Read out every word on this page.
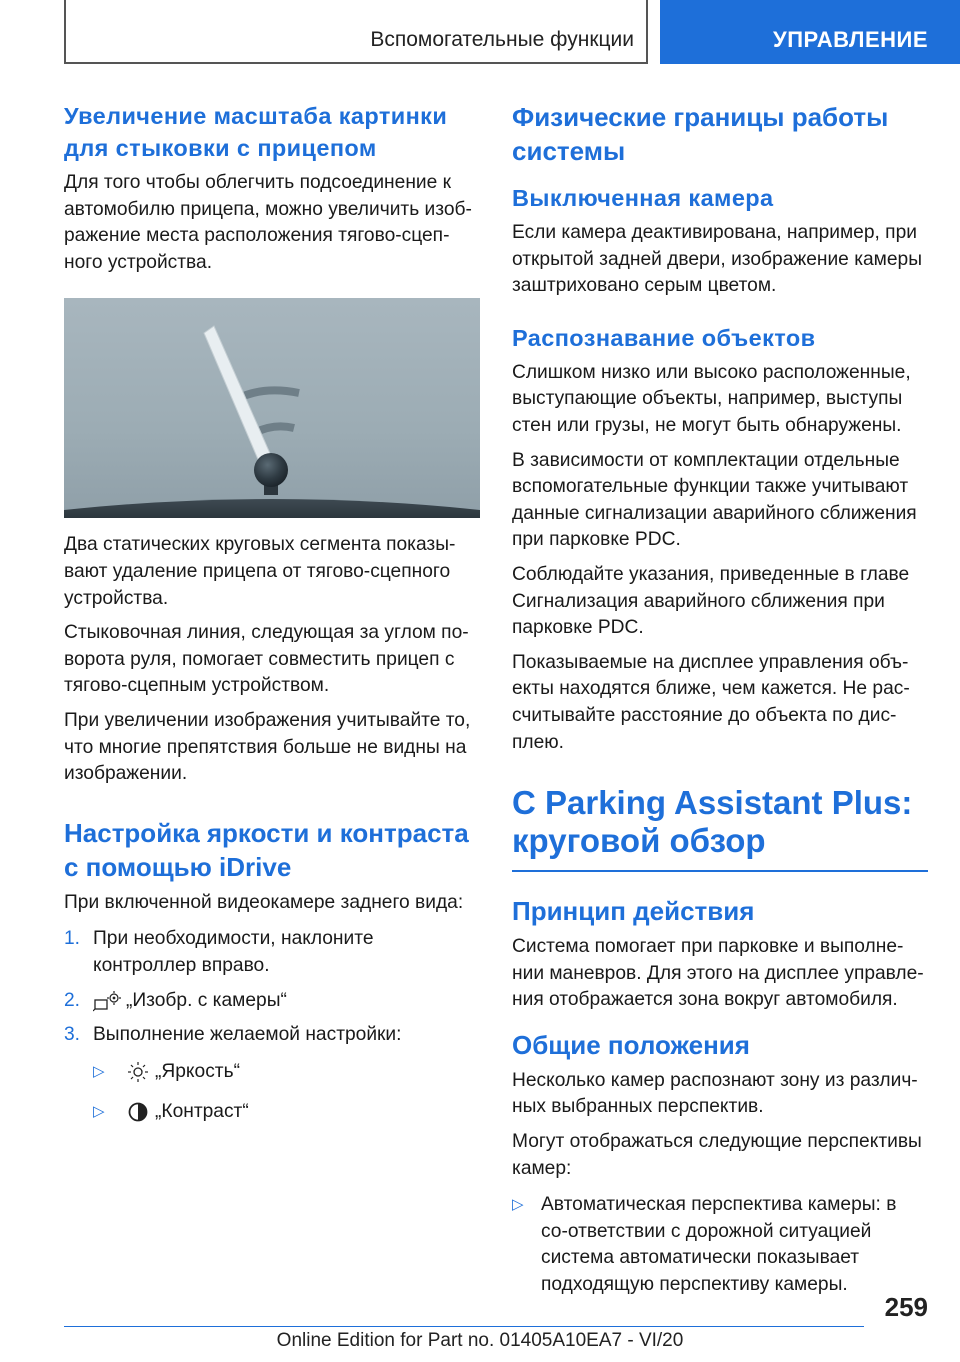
Вспомогательные функции	УПРАВЛЕНИЕ
Увеличение масштаба картинки для стыковки с прицепом

Для того чтобы облегчить подсоединение к автомобилю прицепа, можно увеличить изоб-ражение места расположения тягово-сцеп-ного устройства.

Два статических круговых сегмента показы-вают удаление прицепа от тягово-сцепного устройства.

Стыковочная линия, следующая за углом по-ворота руля, помогает совместить прицеп с тягово-сцепным устройством.

При увеличении изображения учитывайте то, что многие препятствия больше не видны на изображении.

Настройка яркости и контраста с помощью iDrive

При включенной видеокамере заднего вида:

1. При необходимости, наклоните контроллер вправо.
2.	„Изобр. с камеры“
3. Выполнение желаемой настройки:
▷	„Яркость“
▷	„Контраст“
Физические границы работы системы
Выключенная камера

Если камера деактивирована, например, при открытой задней двери, изображение камеры заштриховано серым цветом.

Распознавание объектов

Слишком низко или высоко расположенные, выступающие объекты, например, выступы стен или грузы, не могут быть обнаружены.

В зависимости от комплектации отдельные вспомогательные функции также учитывают данные сигнализации аварийного сближения при парковке PDC.

Соблюдайте указания, приведенные в главе Сигнализация аварийного сближения при парковке PDC.

Показываемые на дисплее управления объ-екты находятся ближе, чем кажется. Не рас-считывайте расстояние до объекта по дис-плею.

С Parking Assistant Plus: круговой обзор
Принцип действия

Система помогает при парковке и выполне-нии маневров. Для этого на дисплее управле-ния отображается зона вокруг автомобиля.

Общие положения

Несколько камер распознают зону из различ-ных выбранных перспектив.

Могут отображаться следующие перспективы камер:

▷ Автоматическая перспектива камеры: в со-ответствии с дорожной ситуацией система автоматически показывает подходящую перспективу камеры.
259
Online Edition for Part no. 01405A10EA7 - VI/20
